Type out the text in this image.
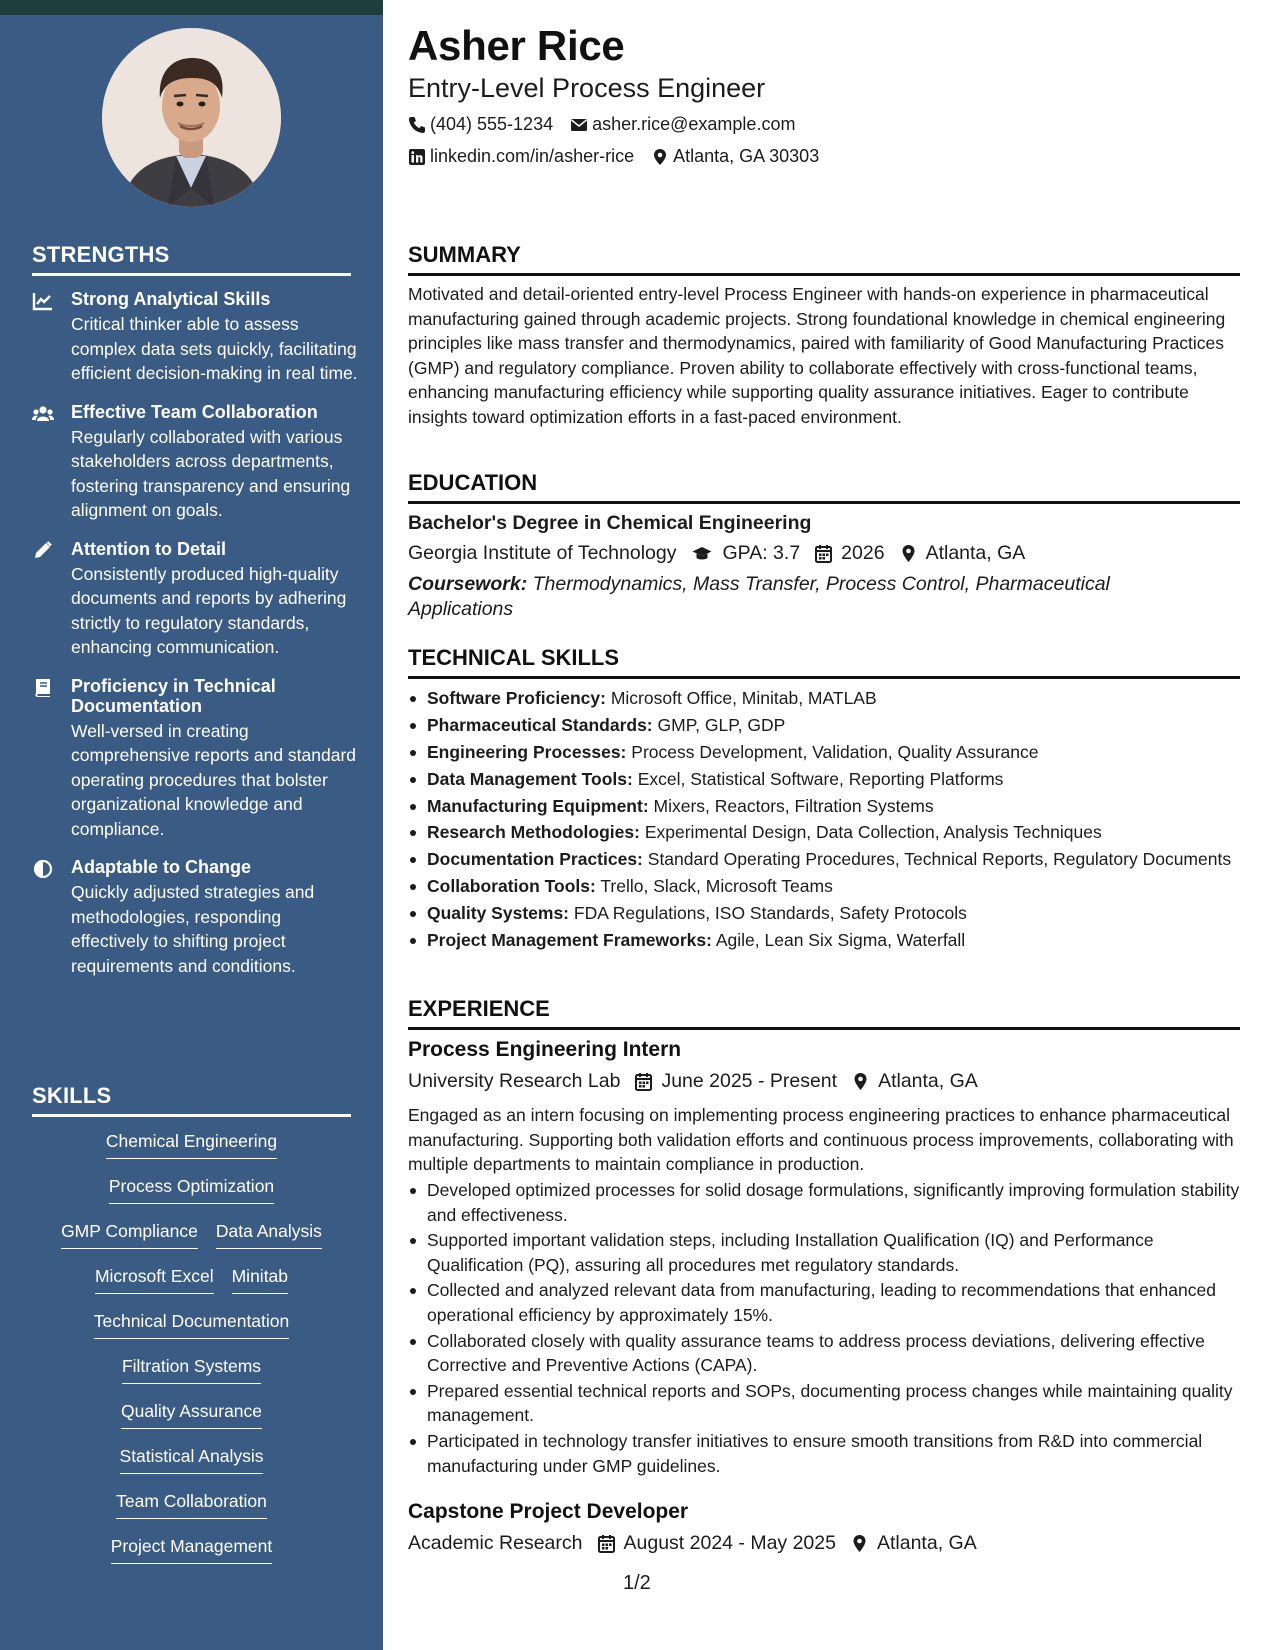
STRENGTHS
Strong Analytical Skills
Critical thinker able to assess complex data sets quickly, facilitating efficient decision-making in real time.
Effective Team Collaboration
Regularly collaborated with various stakeholders across departments, fostering transparency and ensuring alignment on goals.
Attention to Detail
Consistently produced high-quality documents and reports by adhering strictly to regulatory standards, enhancing communication.
Proficiency in Technical Documentation
Well-versed in creating comprehensive reports and standard operating procedures that bolster organizational knowledge and compliance.
Adaptable to Change
Quickly adjusted strategies and methodologies, responding effectively to shifting project requirements and conditions.
SKILLS
Chemical Engineering
Process Optimization
GMP Compliance Data Analysis
Microsoft Excel Minitab
Technical Documentation
Filtration Systems
Quality Assurance
Statistical Analysis
Team Collaboration
Project Management
Asher Rice
Entry-Level Process Engineer
(404) 555-1234 asher.rice@example.com
linkedin.com/in/asher-rice Atlanta, GA 30303
SUMMARY
Motivated and detail-oriented entry-level Process Engineer with hands-on experience in pharmaceutical manufacturing gained through academic projects. Strong foundational knowledge in chemical engineering principles like mass transfer and thermodynamics, paired with familiarity of Good Manufacturing Practices (GMP) and regulatory compliance. Proven ability to collaborate effectively with cross-functional teams, enhancing manufacturing efficiency while supporting quality assurance initiatives. Eager to contribute insights toward optimization efforts in a fast-paced environment.
EDUCATION
Bachelor's Degree in Chemical Engineering
Georgia Institute of Technology GPA: 3.7 2026 Atlanta, GA
Coursework: Thermodynamics, Mass Transfer, Process Control, Pharmaceutical Applications
TECHNICAL SKILLS
Software Proficiency: Microsoft Office, Minitab, MATLAB
Pharmaceutical Standards: GMP, GLP, GDP
Engineering Processes: Process Development, Validation, Quality Assurance
Data Management Tools: Excel, Statistical Software, Reporting Platforms
Manufacturing Equipment: Mixers, Reactors, Filtration Systems
Research Methodologies: Experimental Design, Data Collection, Analysis Techniques
Documentation Practices: Standard Operating Procedures, Technical Reports, Regulatory Documents
Collaboration Tools: Trello, Slack, Microsoft Teams
Quality Systems: FDA Regulations, ISO Standards, Safety Protocols
Project Management Frameworks: Agile, Lean Six Sigma, Waterfall
EXPERIENCE
Process Engineering Intern
University Research Lab June 2025 - Present Atlanta, GA
Engaged as an intern focusing on implementing process engineering practices to enhance pharmaceutical manufacturing. Supporting both validation efforts and continuous process improvements, collaborating with multiple departments to maintain compliance in production.
Developed optimized processes for solid dosage formulations, significantly improving formulation stability and effectiveness.
Supported important validation steps, including Installation Qualification (IQ) and Performance Qualification (PQ), assuring all procedures met regulatory standards.
Collected and analyzed relevant data from manufacturing, leading to recommendations that enhanced operational efficiency by approximately 15%.
Collaborated closely with quality assurance teams to address process deviations, delivering effective Corrective and Preventive Actions (CAPA).
Prepared essential technical reports and SOPs, documenting process changes while maintaining quality management.
Participated in technology transfer initiatives to ensure smooth transitions from R&D into commercial manufacturing under GMP guidelines.
Capstone Project Developer
Academic Research August 2024 - May 2025 Atlanta, GA
1/2
